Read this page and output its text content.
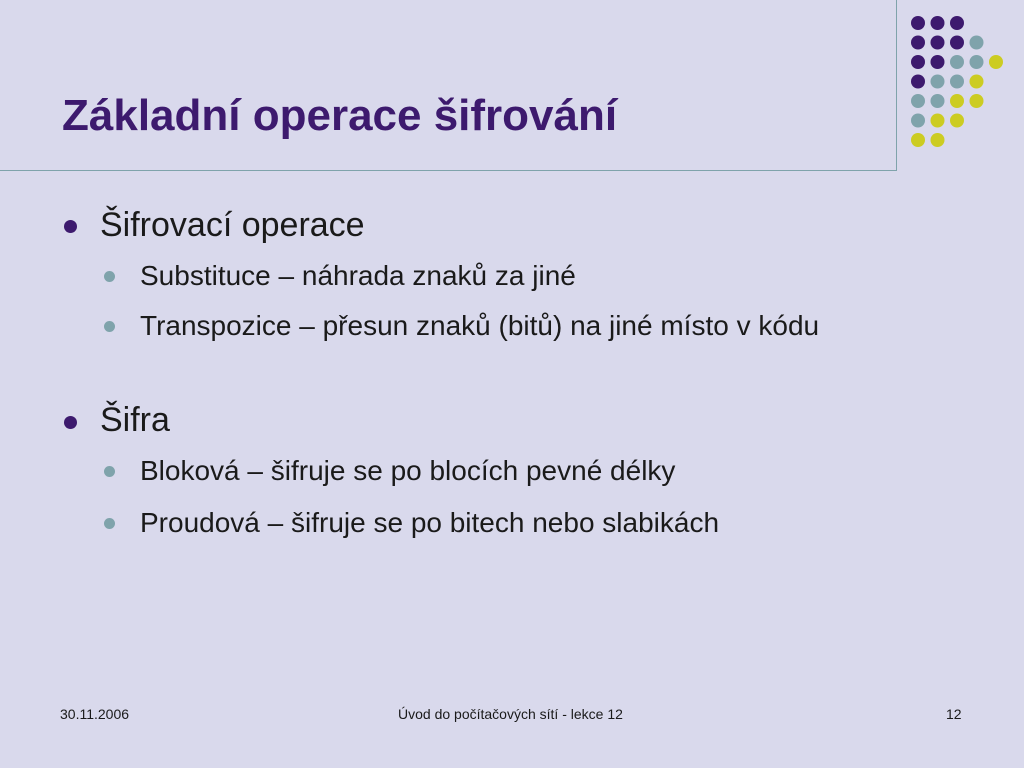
Základní operace šifrování
Šifrovací operace
Substituce – náhrada znaků za jiné
Transpozice – přesun znaků (bitů) na jiné místo v kódu
Šifra
Bloková – šifruje se po blocích pevné délky
Proudová – šifruje se po bitech nebo slabikách
30.11.2006	Úvod do počítačových sítí - lekce 12	12
